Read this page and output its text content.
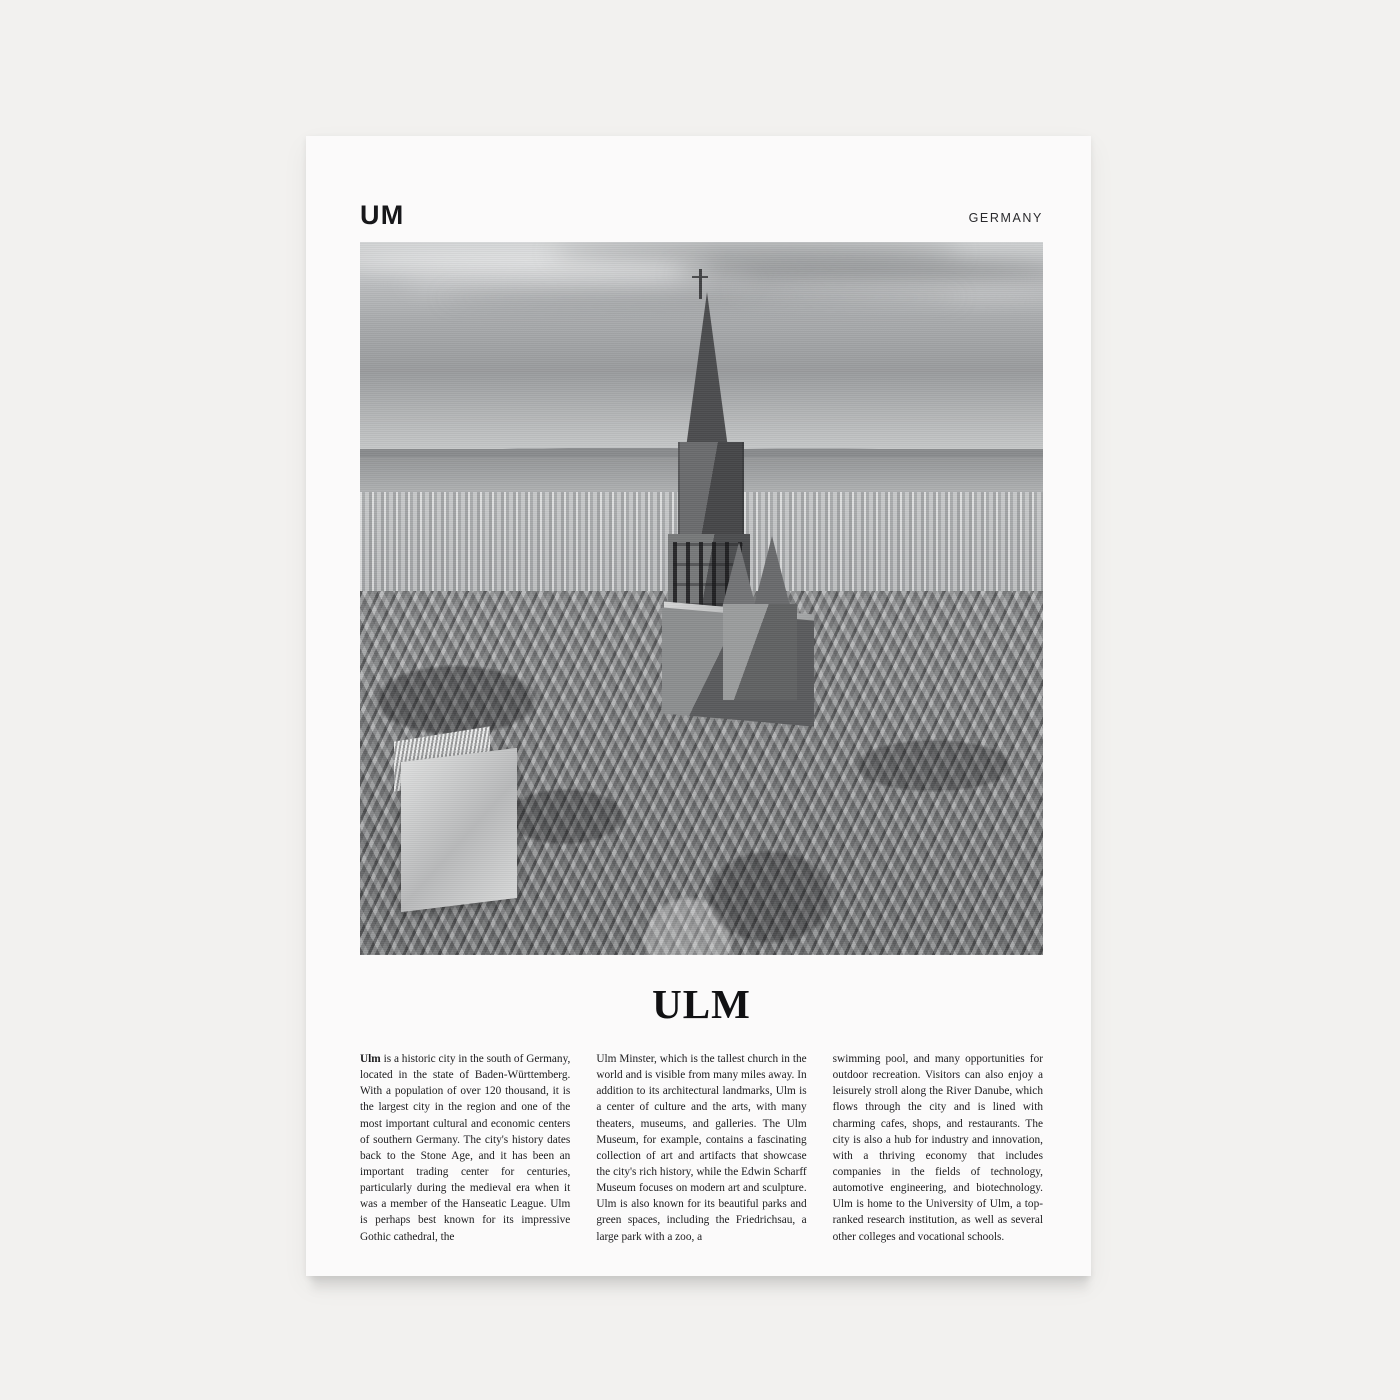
UM	GERMANY
ULM
Ulm is a historic city in the south of Germany, located in the state of Baden-Württemberg. With a population of over 120 thousand, it is the largest city in the region and one of the most important cultural and economic centers of southern Germany. The city's history dates back to the Stone Age, and it has been an important trading center for centuries, particularly during the medieval era when it was a member of the Hanseatic League. Ulm is perhaps best known for its impressive Gothic cathedral, the
Ulm Minster, which is the tallest church in the world and is visible from many miles away. In addition to its architectural landmarks, Ulm is a center of culture and the arts, with many theaters, museums, and galleries. The Ulm Museum, for example, contains a fascinating collection of art and artifacts that showcase the city's rich history, while the Edwin Scharff Museum focuses on modern art and sculpture. Ulm is also known for its beautiful parks and green spaces, including the Friedrichsau, a large park with a zoo, a
swimming pool, and many opportunities for outdoor recreation. Visitors can also enjoy a leisurely stroll along the River Danube, which flows through the city and is lined with charming cafes, shops, and restaurants. The city is also a hub for industry and innovation, with a thriving economy that includes companies in the fields of technology, automotive engineering, and biotechnology. Ulm is home to the University of Ulm, a top-ranked research institution, as well as several other colleges and vocational schools.
